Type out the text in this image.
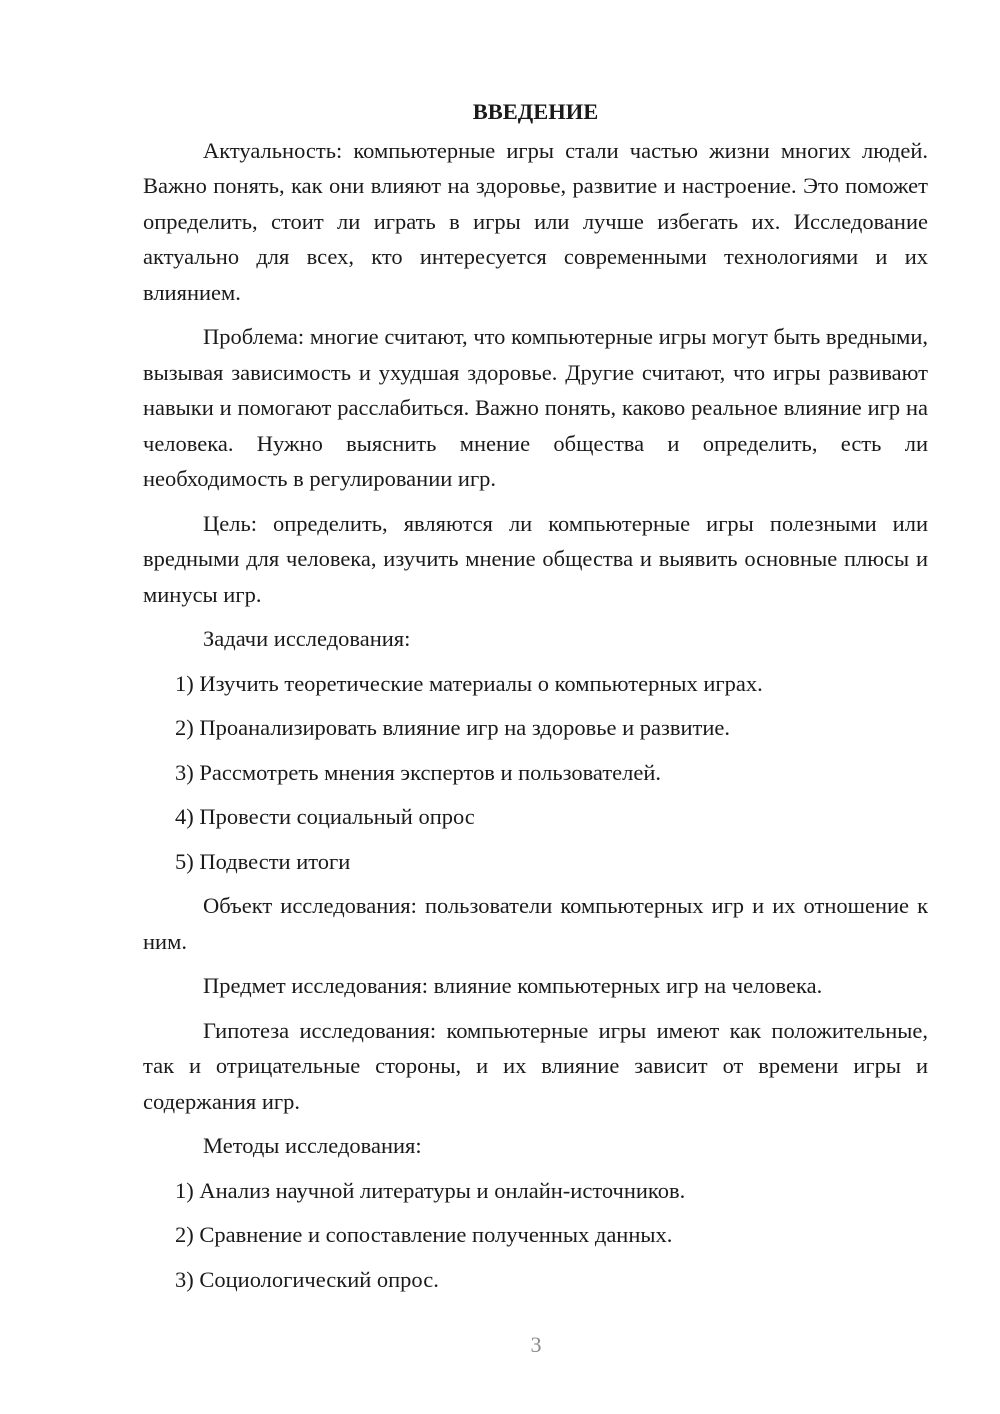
ВВЕДЕНИЕ

Актуальность: компьютерные игры стали частью жизни многих людей. Важно понять, как они влияют на здоровье, развитие и настроение. Это поможет определить, стоит ли играть в игры или лучше избегать их. Исследование актуально для всех, кто интересуется современными технологиями и их влиянием.

Проблема: многие считают, что компьютерные игры могут быть вредными, вызывая зависимость и ухудшая здоровье. Другие считают, что игры развивают навыки и помогают расслабиться. Важно понять, каково реальное влияние игр на человека. Нужно выяснить мнение общества и определить, есть ли необходимость в регулировании игр.

Цель: определить, являются ли компьютерные игры полезными или вредными для человека, изучить мнение общества и выявить основные плюсы и минусы игр.

Задачи исследования:

1) Изучить теоретические материалы о компьютерных играх.

2) Проанализировать влияние игр на здоровье и развитие.

3) Рассмотреть мнения экспертов и пользователей.

4) Провести социальный опрос

5) Подвести итоги

Объект исследования: пользователи компьютерных игр и их отношение к ним.

Предмет исследования: влияние компьютерных игр на человека.

Гипотеза исследования: компьютерные игры имеют как положительные, так и отрицательные стороны, и их влияние зависит от времени игры и содержания игр.

Методы исследования:

1) Анализ научной литературы и онлайн-источников.

2) Сравнение и сопоставление полученных данных.

3) Социологический опрос.

3
